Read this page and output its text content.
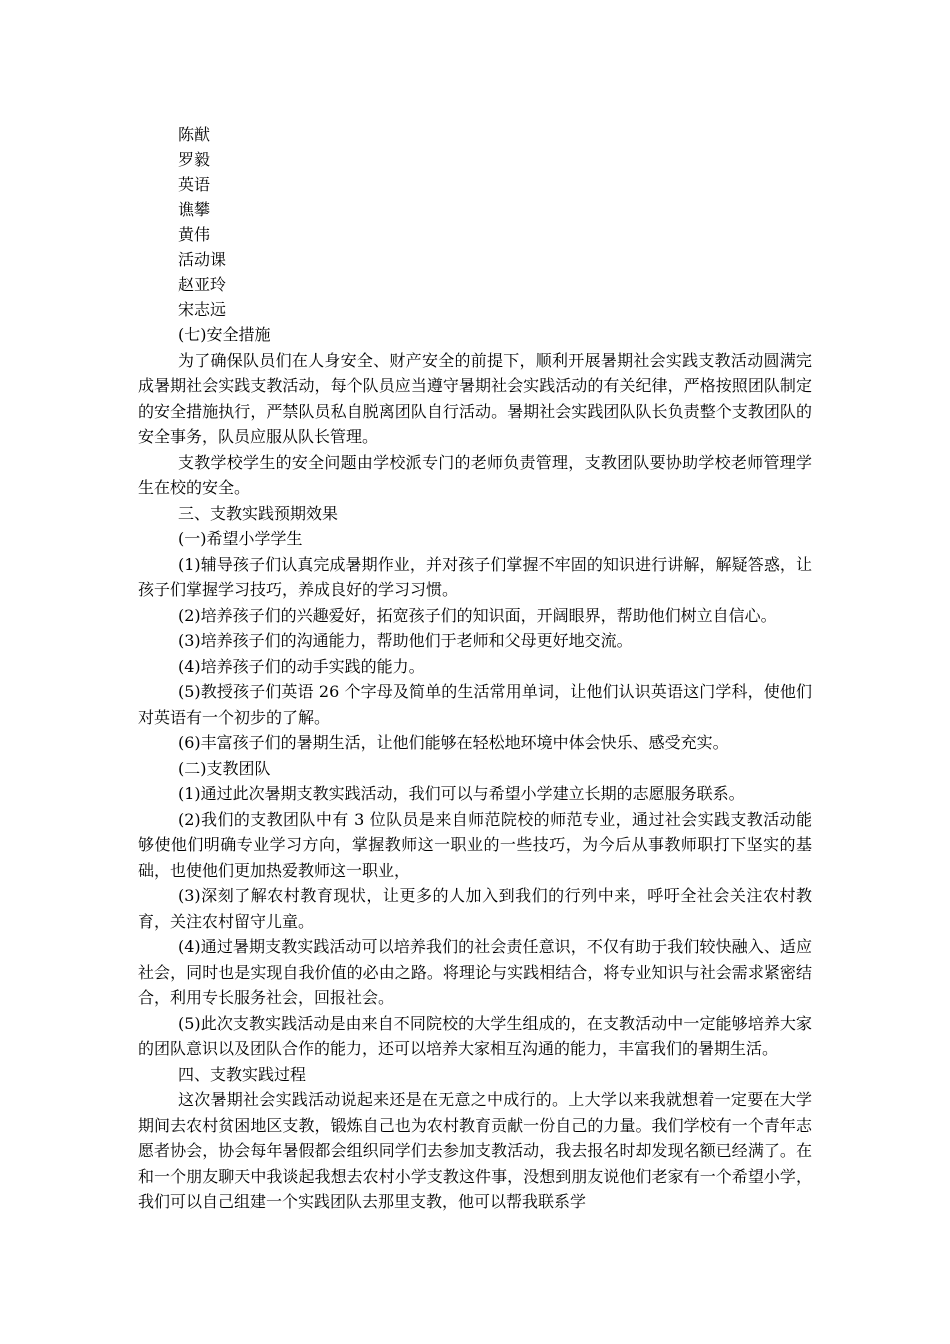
陈猷

罗毅

英语

谯攀

黄伟

活动课

赵亚玲

宋志远

(七)安全措施

为了确保队员们在人身安全、财产安全的前提下，顺利开展暑期社会实践支教活动圆满完成暑期社会实践支教活动，每个队员应当遵守暑期社会实践活动的有关纪律，严格按照团队制定的安全措施执行，严禁队员私自脱离团队自行活动。暑期社会实践团队队长负责整个支教团队的安全事务，队员应服从队长管理。

支教学校学生的安全问题由学校派专门的老师负责管理，支教团队要协助学校老师管理学生在校的安全。

三、支教实践预期效果

(一)希望小学学生

(1)辅导孩子们认真完成暑期作业，并对孩子们掌握不牢固的知识进行讲解，解疑答惑，让孩子们掌握学习技巧，养成良好的学习习惯。

(2)培养孩子们的兴趣爱好，拓宽孩子们的知识面，开阔眼界，帮助他们树立自信心。

(3)培养孩子们的沟通能力，帮助他们于老师和父母更好地交流。

(4)培养孩子们的动手实践的能力。

(5)教授孩子们英语 26 个字母及简单的生活常用单词，让他们认识英语这门学科，使他们对英语有一个初步的了解。

(6)丰富孩子们的暑期生活，让他们能够在轻松地环境中体会快乐、感受充实。

(二)支教团队

(1)通过此次暑期支教实践活动，我们可以与希望小学建立长期的志愿服务联系。

(2)我们的支教团队中有 3 位队员是来自师范院校的师范专业，通过社会实践支教活动能够使他们明确专业学习方向，掌握教师这一职业的一些技巧，为今后从事教师职打下坚实的基础，也使他们更加热爱教师这一职业，

(3)深刻了解农村教育现状，让更多的人加入到我们的行列中来，呼吁全社会关注农村教育，关注农村留守儿童。

(4)通过暑期支教实践活动可以培养我们的社会责任意识，不仅有助于我们较快融入、适应社会，同时也是实现自我价值的必由之路。将理论与实践相结合，将专业知识与社会需求紧密结合，利用专长服务社会，回报社会。

(5)此次支教实践活动是由来自不同院校的大学生组成的，在支教活动中一定能够培养大家的团队意识以及团队合作的能力，还可以培养大家相互沟通的能力，丰富我们的暑期生活。

四、支教实践过程

这次暑期社会实践活动说起来还是在无意之中成行的。上大学以来我就想着一定要在大学期间去农村贫困地区支教，锻炼自己也为农村教育贡献一份自己的力量。我们学校有一个青年志愿者协会，协会每年暑假都会组织同学们去参加支教活动，我去报名时却发现名额已经满了。在和一个朋友聊天中我谈起我想去农村小学支教这件事，没想到朋友说他们老家有一个希望小学，我们可以自己组建一个实践团队去那里支教，他可以帮我联系学
